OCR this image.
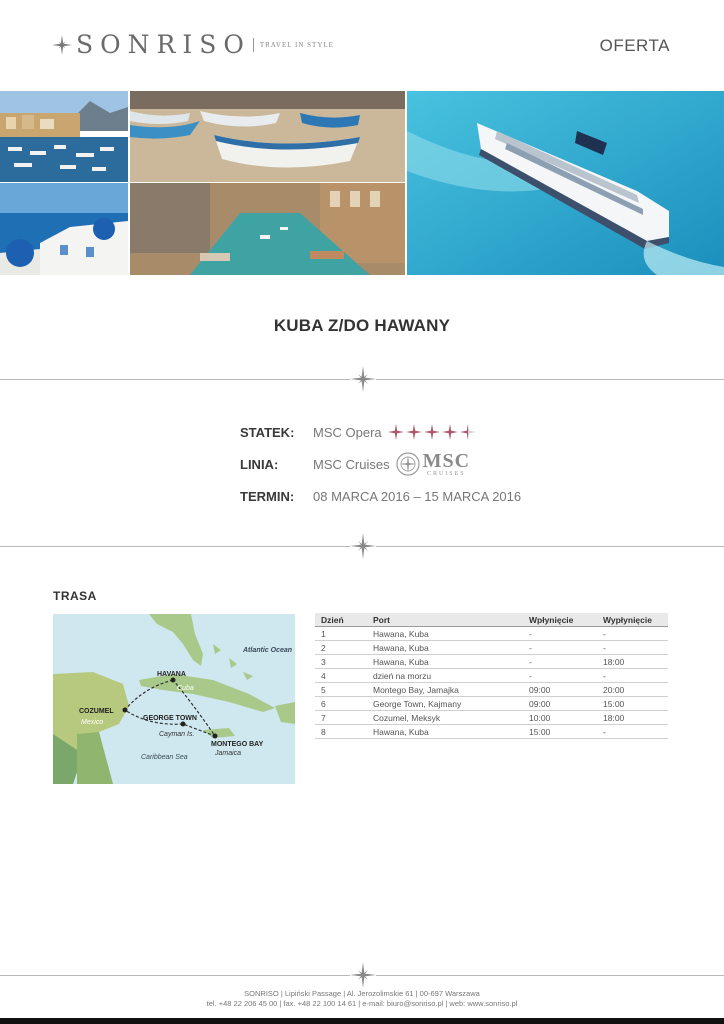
SONRISO TRAVEL IN STYLE	OFERTA
KUBA Z/DO HAWANY
STATEK: MSC Opera
LINIA:	MSC Cruises MSC
CRUISES
TERMIN: 08 MARCA 2016 – 15 MARCA 2016
TRASA
Atlantic Ocean
HAVANA
Cuba
COZUMEL
Mexico
GEORGE TOWN
Cayman Is.
MONTEGO BAY
Jamaica
Caribbean Sea
Dzień	Port	Wpłynięcie	Wypłynięcie
1	Hawana, Kuba	-	-
2	Hawana, Kuba	-	-
3	Hawana, Kuba	-	18:00
4	dzień na morzu	-	-
5	Montego Bay, Jamajka	09:00	20:00
6	George Town, Kajmany	09:00	15:00
7	Cozumel, Meksyk	10:00	18:00
8	Hawana, Kuba	15:00	-
SONRISO | Lipiński Passage | Al. Jerozolimskie 61 | 00-697 Warszawa
tel. +48 22 206 45 00 | fax. +48 22 100 14 61 | e-mail: biuro@sonriso.pl | web: www.sonriso.pl
